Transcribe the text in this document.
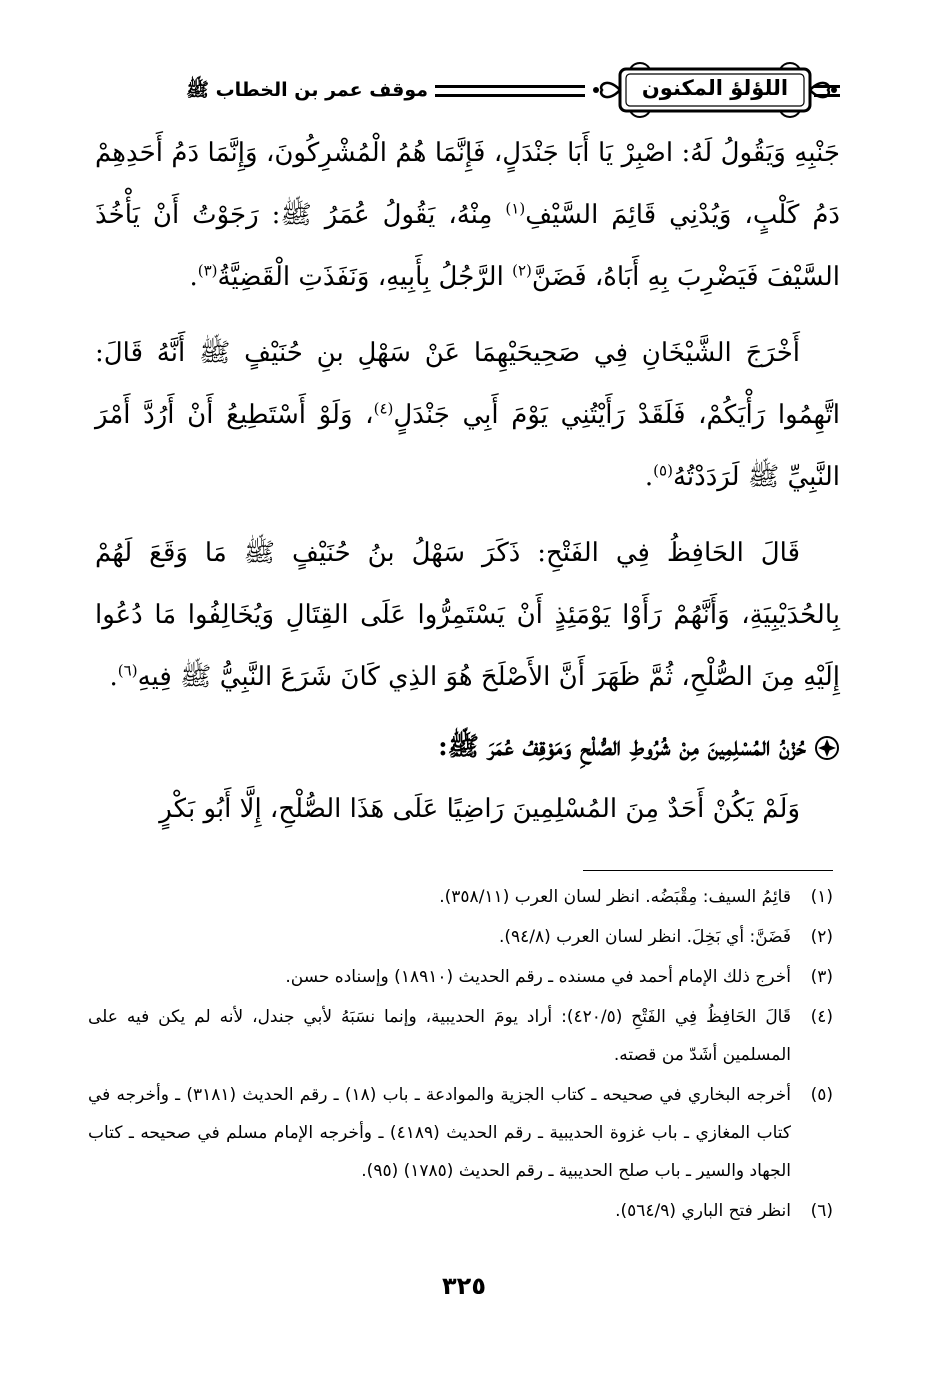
اللؤلؤ المكنون
موقف عمر بن الخطاب ﷺ

جَنْبِهِ وَيَقُولُ لَهُ: اصْبِرْ يَا أَبَا جَنْدَلٍ، فَإِنَّمَا هُمُ الْمُشْرِكُونَ، وَإِنَّمَا دَمُ أَحَدِهِمْ دَمُ كَلْبٍ، وَيُدْنِي قَائِمَ السَّيْفِ$^{(١)}$ مِنْهُ، يَقُولُ عُمَرُ ﷺ: رَجَوْتُ أَنْ يَأْخُذَ السَّيْفَ فَيَضْرِبَ بِهِ أَبَاهُ، فَضَنَّ$^{(٢)}$ الرَّجُلُ بِأَبِيهِ، وَنَفَذَتِ الْقَضِيَّةُ$^{(٣)}$.

أَخْرَجَ الشَّيْخَانِ فِي صَحِيحَيْهِمَا عَنْ سَهْلِ بنِ حُنَيْفٍ ﷺ أَنَّهُ قَالَ: اتَّهِمُوا رَأْيَكُمْ، فَلَقَدْ رَأَيْتُنِي يَوْمَ أَبِي جَنْدَلٍ$^{(٤)}$، وَلَوْ أَسْتَطِيعُ أَنْ أَرُدَّ أَمْرَ النَّبِيِّ ﷺ لَرَدَدْتُهُ$^{(٥)}$.

قَالَ الحَافِظُ فِي الفَتْحِ: ذَكَرَ سَهْلُ بنُ حُنَيْفٍ ﷺ مَا وَقَعَ لَهُمْ بِالحُدَيْبِيَةِ، وَأَنَّهُمْ رَأَوْا يَوْمَئِذٍ أَنْ يَسْتَمِرُّوا عَلَى القِتَالِ وَيُخَالِفُوا مَا دُعُوا إِلَيْهِ مِنَ الصُّلْحِ، ثُمَّ ظَهَرَ أَنَّ الأَصْلَحَ هُوَ الذِي كَانَ شَرَعَ النَّبِيُّ ﷺ فِيهِ$^{(٦)}$.

حُزْنُ المُسْلِمِينَ مِنْ شُرُوطِ الصُّلْحِ وَمَوْقِفُ عُمَرَ ﷺ:

وَلَمْ يَكُنْ أَحَدٌ مِنَ المُسْلِمِينَ رَاضِيًا عَلَى هَذَا الصُّلْحِ، إِلَّا أَبُو بَكْرٍ

(١)
قائِمُ السيف: مِقْبَضُه. انظر لسان العرب (٣٥٨/١١).
(٢)
فَضَنَّ: أي بَخِلَ. انظر لسان العرب (٩٤/٨).
(٣)
أخرج ذلك الإمام أحمد في مسنده ـ رقم الحديث (١٨٩١٠) وإسناده حسن.
(٤)
قَالَ الحَافِظُ فِي الفَتْحِ (٤٢٠/٥): أراد يومَ الحديبية، وإنما نسَبَهُ لأبي جندل، لأنه لم يكن فيه على المسلمين أشَدّ من قصته.
(٥)
أخرجه البخاري في صحيحه ـ كتاب الجزية والموادعة ـ باب (١٨) ـ رقم الحديث (٣١٨١) ـ وأخرجه في كتاب المغازي ـ باب غزوة الحديبية ـ رقم الحديث (٤١٨٩) ـ وأخرجه الإمام مسلم في صحيحه ـ كتاب الجهاد والسير ـ باب صلح الحديبية ـ رقم الحديث (١٧٨٥) (٩٥).
(٦)
انظر فتح الباري (٥٦٤/٩).
٣٢٥
